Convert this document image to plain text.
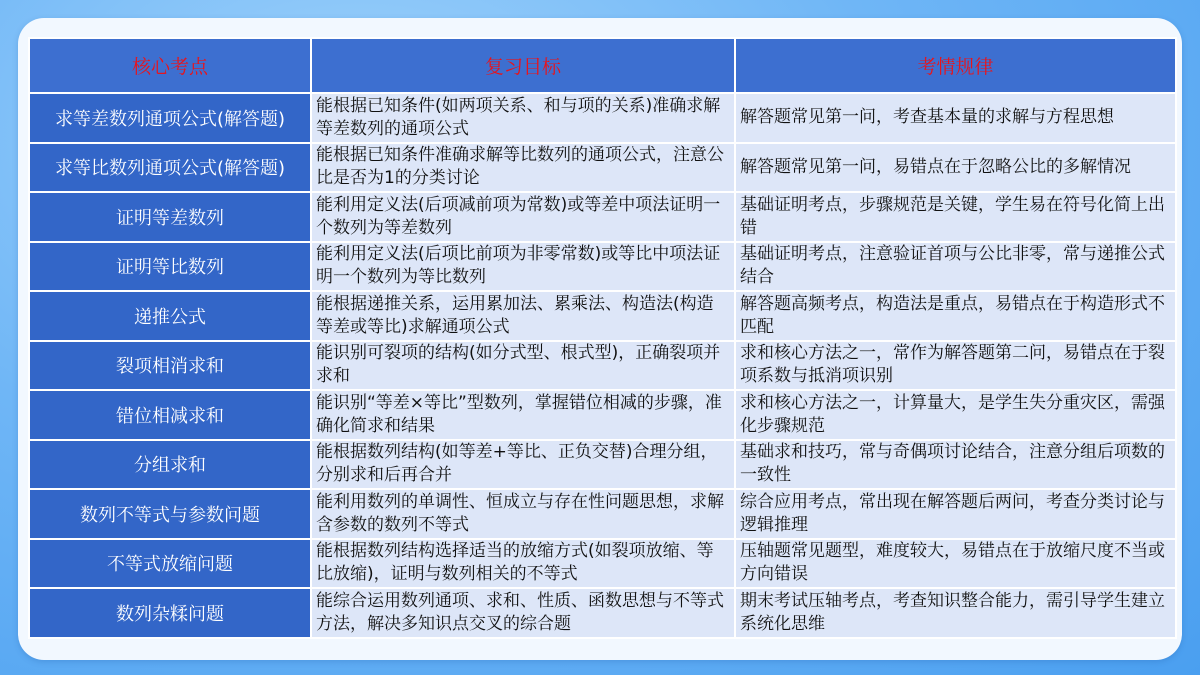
核心考点	复习目标	考情规律
求等差数列通项公式(解答题)	能根据已知条件(如两项关系、和与项的关系)准确求解等差数列的通项公式	解答题常见第一问，考查基本量的求解与方程思想
求等比数列通项公式(解答题)	能根据已知条件准确求解等比数列的通项公式，注意公比是否为1的分类讨论	解答题常见第一问，易错点在于忽略公比的多解情况
证明等差数列	能利用定义法(后项减前项为常数)或等差中项法证明一个数列为等差数列	基础证明考点，步骤规范是关键，学生易在符号化简上出错
证明等比数列	能利用定义法(后项比前项为非零常数)或等比中项法证明一个数列为等比数列	基础证明考点，注意验证首项与公比非零，常与递推公式结合
递推公式	能根据递推关系，运用累加法、累乘法、构造法(构造等差或等比)求解通项公式	解答题高频考点，构造法是重点，易错点在于构造形式不匹配
裂项相消求和	能识别可裂项的结构(如分式型、根式型)，正确裂项并求和	求和核心方法之一，常作为解答题第二问，易错点在于裂项系数与抵消项识别
错位相减求和	能识别“等差×等比”型数列，掌握错位相减的步骤，准确化简求和结果	求和核心方法之一，计算量大，是学生失分重灾区，需强化步骤规范
分组求和	能根据数列结构(如等差+等比、正负交替)合理分组，分别求和后再合并	基础求和技巧，常与奇偶项讨论结合，注意分组后项数的一致性
数列不等式与参数问题	能利用数列的单调性、恒成立与存在性问题思想，求解含参数的数列不等式	综合应用考点，常出现在解答题后两问，考查分类讨论与逻辑推理
不等式放缩问题	能根据数列结构选择适当的放缩方式(如裂项放缩、等比放缩)，证明与数列相关的不等式	压轴题常见题型，难度较大，易错点在于放缩尺度不当或方向错误
数列杂糅问题	能综合运用数列通项、求和、性质、函数思想与不等式方法，解决多知识点交叉的综合题	期末考试压轴考点，考查知识整合能力，需引导学生建立系统化思维
